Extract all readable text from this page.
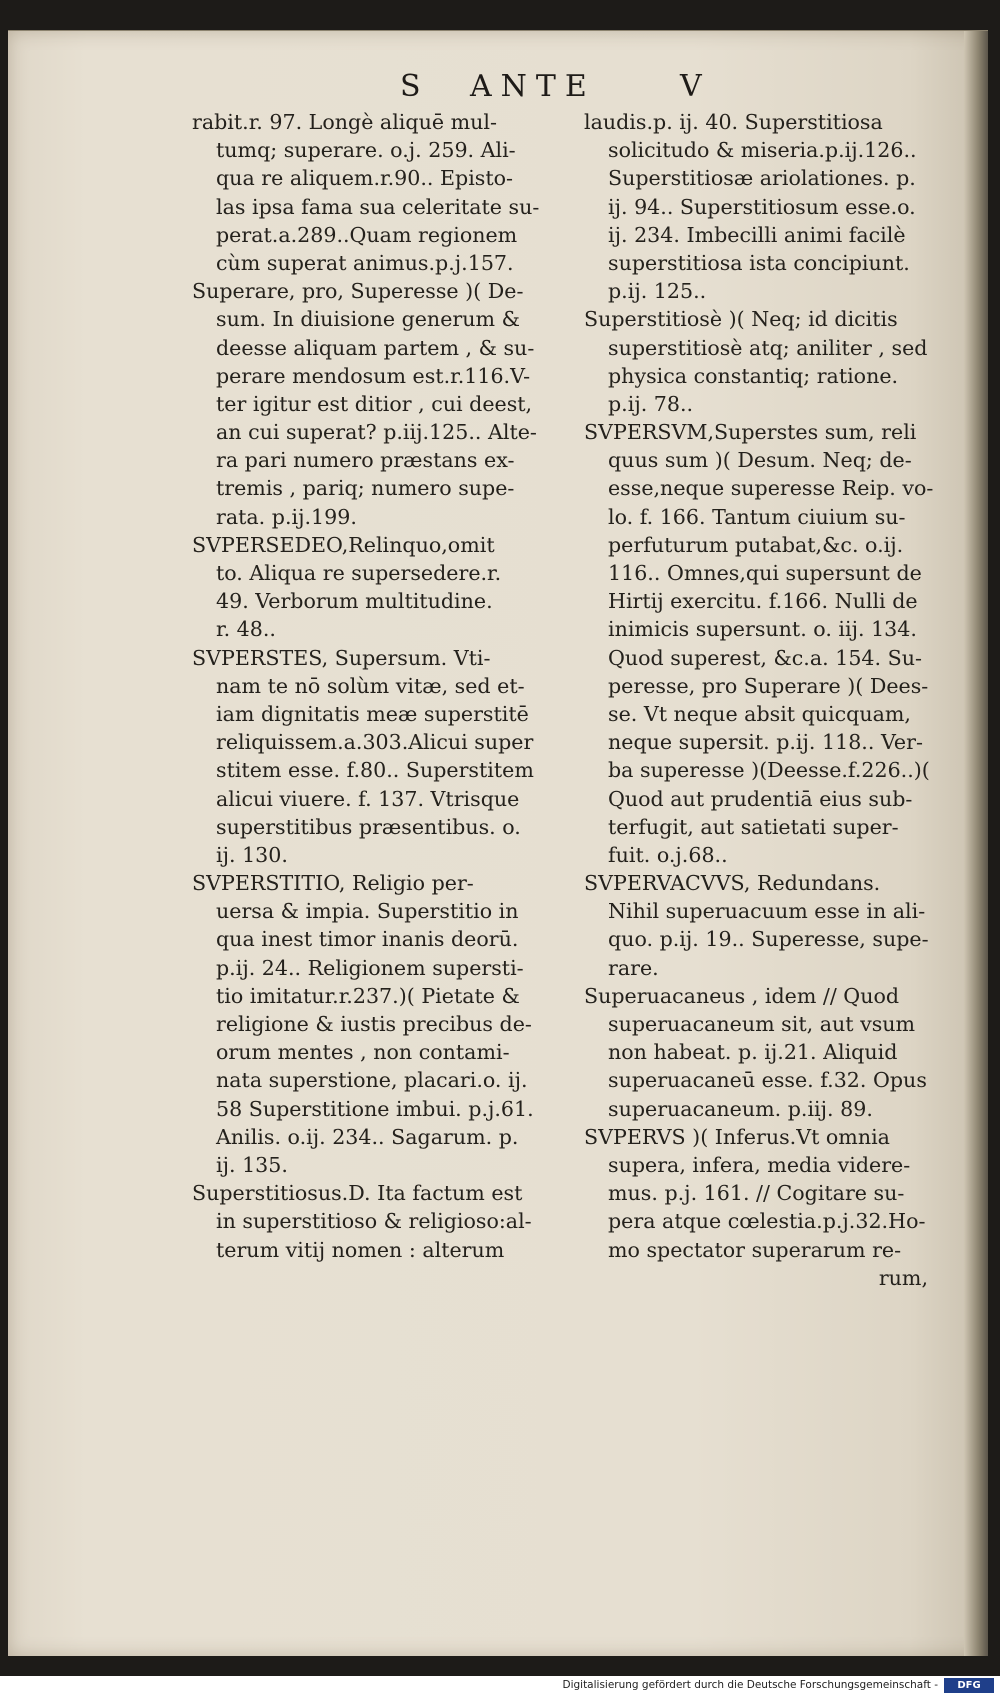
S ANTE	V
rabit.r. 97. Longè aliquē mul-
tumq; superare. o.j. 259. Ali-
qua re aliquem.r.90.. Episto-
las ipsa fama sua celeritate su-
perat.a.289..Quam regionem
cùm superat animus.p.j.157.
Superare, pro, Superesse )( De-
sum. In diuisione generum &
deesse aliquam partem , & su-
perare mendosum est.r.116.V-
ter igitur est ditior , cui deest,
an cui superat? p.iij.125.. Alte-
ra pari numero præstans ex-
tremis , pariq; numero supe-
rata. p.ij.199.
SVPERSEDEO,Relinquo,omit
to. Aliqua re supersedere.r.
49. Verborum multitudine.
r. 48..
SVPERSTES, Supersum. Vti-
nam te nō solùm vitæ, sed et-
iam dignitatis meæ superstitē
reliquissem.a.303.Alicui super
stitem esse. f.80.. Superstitem
alicui viuere. f. 137. Vtrisque
superstitibus præsentibus. o.
ij. 130.
SVPERSTITIO, Religio per-
uersa & impia. Superstitio in
qua inest timor inanis deorū.
p.ij. 24.. Religionem supersti-
tio imitatur.r.237.)( Pietate &
religione & iustis precibus de-
orum mentes , non contami-
nata superstione, placari.o. ij.
58 Superstitione imbui. p.j.61.
Anilis. o.ij. 234.. Sagarum. p.
ij. 135.
Superstitiosus.D. Ita factum est
in superstitioso & religioso:al-
terum vitij nomen : alterum
laudis.p. ij. 40. Superstitiosa
solicitudo & miseria.p.ij.126..
Superstitiosæ ariolationes. p.
ij. 94.. Superstitiosum esse.o.
ij. 234. Imbecilli animi facilè
superstitiosa ista concipiunt.
p.ij. 125..
Superstitiosè )( Neq; id dicitis
superstitiosè atq; aniliter , sed
physica constantiq; ratione.
p.ij. 78..
SVPERSVM,Superstes sum, reli
quus sum )( Desum. Neq; de-
esse,neque superesse Reip. vo-
lo. f. 166. Tantum ciuium su-
perfuturum putabat,&c. o.ij.
116.. Omnes,qui supersunt de
Hirtij exercitu. f.166. Nulli de
inimicis supersunt. o. iij. 134.
Quod superest, &c.a. 154. Su-
peresse, pro Superare )( Dees-
se. Vt neque absit quicquam,
neque supersit. p.ij. 118.. Ver-
ba superesse )(Deesse.f.226..)(
Quod aut prudentiā eius sub-
terfugit, aut satietati super-
fuit. o.j.68..
SVPERVACVVS, Redundans.
Nihil superuacuum esse in ali-
quo. p.ij. 19.. Superesse, supe-
rare.
Superuacaneus , idem // Quod
superuacaneum sit, aut vsum
non habeat. p. ij.21. Aliquid
superuacaneū esse. f.32. Opus
superuacaneum. p.iij. 89.
SVPERVS )( Inferus.Vt omnia
supera, infera, media videre-
mus. p.j. 161. // Cogitare su-
pera atque cœlestia.p.j.32.Ho-
mo spectator superarum re-
rum,
Digitalisierung gefördert durch die Deutsche Forschungsgemeinschaft -	DFG
